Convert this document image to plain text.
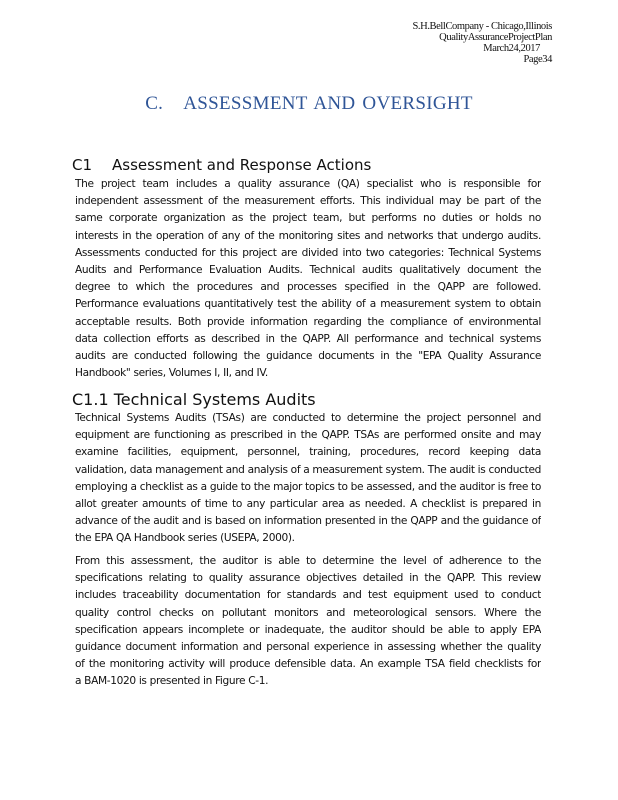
S.H.BellCompany - Chicago,Illinois
QualityAssuranceProjectPlan
March24,2017
Page34
C. ASSESSMENT AND OVERSIGHT
C1 Assessment and Response Actions
The project team includes a quality assurance (QA) specialist who is responsible for
independent assessment of the measurement efforts. This individual may be part of the
same corporate organization as the project team, but performs no duties or holds no
interests in the operation of any of the monitoring sites and networks that undergo audits.
Assessments conducted for this project are divided into two categories: Technical Systems
Audits and Performance Evaluation Audits. Technical audits qualitatively document the
degree to which the procedures and processes specified in the QAPP are followed.
Performance evaluations quantitatively test the ability of a measurement system to obtain
acceptable results. Both provide information regarding the compliance of environmental
data collection efforts as described in the QAPP. All performance and technical systems
audits are conducted following the guidance documents in the "EPA Quality Assurance
Handbook" series, Volumes I, II, and IV.
C1.1 Technical Systems Audits
Technical Systems Audits (TSAs) are conducted to determine the project personnel and
equipment are functioning as prescribed in the QAPP. TSAs are performed onsite and may
examine facilities, equipment, personnel, training, procedures, record keeping data
validation, data management and analysis of a measurement system. The audit is conducted
employing a checklist as a guide to the major topics to be assessed, and the auditor is free to
allot greater amounts of time to any particular area as needed. A checklist is prepared in
advance of the audit and is based on information presented in the QAPP and the guidance of
the EPA QA Handbook series (USEPA, 2000).
From this assessment, the auditor is able to determine the level of adherence to the
specifications relating to quality assurance objectives detailed in the QAPP. This review
includes traceability documentation for standards and test equipment used to conduct
quality control checks on pollutant monitors and meteorological sensors. Where the
specification appears incomplete or inadequate, the auditor should be able to apply EPA
guidance document information and personal experience in assessing whether the quality
of the monitoring activity will produce defensible data. An example TSA field checklists for
a BAM-1020 is presented in Figure C-1.
